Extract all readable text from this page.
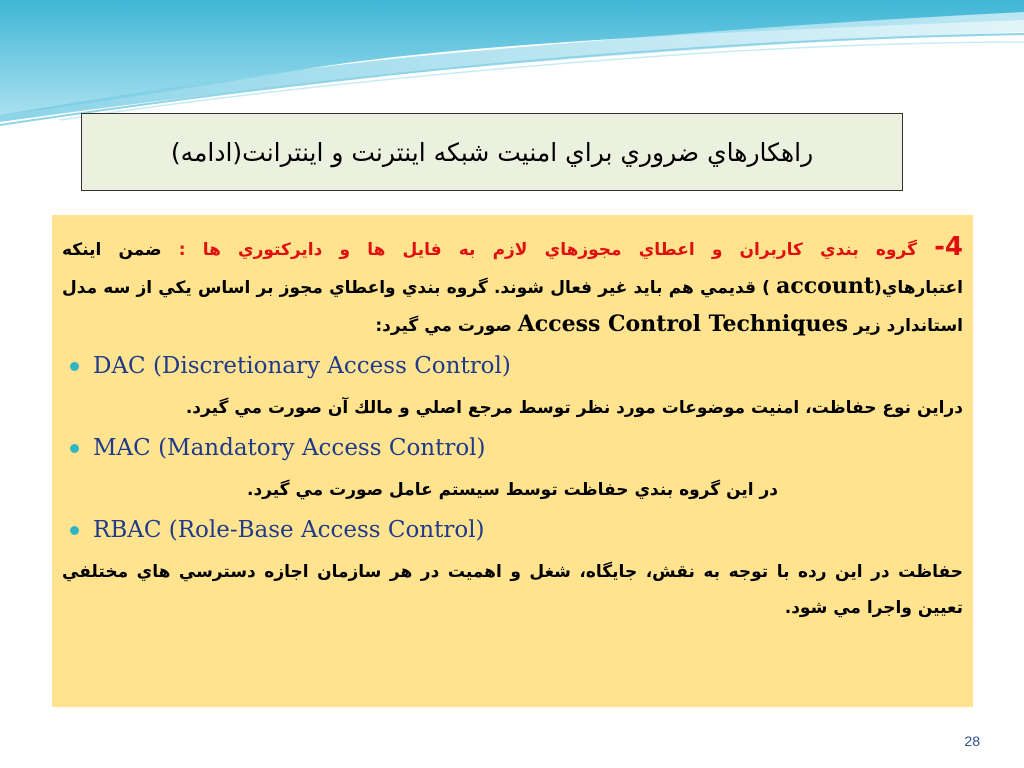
راهكارهاي ضروري براي امنيت شبكه اينترنت و اينترانت(ادامه)

4- گروه بندي كاربران و اعطاي مجوزهاي لازم به فايل ها و دايركتوري ها : ضمن اينكه اعتبارهاي(account ) قديمي هم بايد غير فعال شوند. گروه بندي واعطاي مجوز بر اساس يكي از سه مدل استاندارد زير Access Control Techniques صورت مي گيرد:

DAC (Discretionary Access Control)

دراين نوع حفاظت، امنيت موضوعات مورد نظر توسط مرجع اصلي و مالك آن صورت مي گيرد.

MAC (Mandatory Access Control)

در اين گروه بندي حفاظت توسط سيستم عامل صورت مي گيرد.

RBAC (Role-Base Access Control)

حفاظت در اين رده با توجه به نقش، جايگاه، شغل و اهميت در هر سازمان اجازه دسترسي هاي مختلفي تعيين واجرا مي شود.

28
